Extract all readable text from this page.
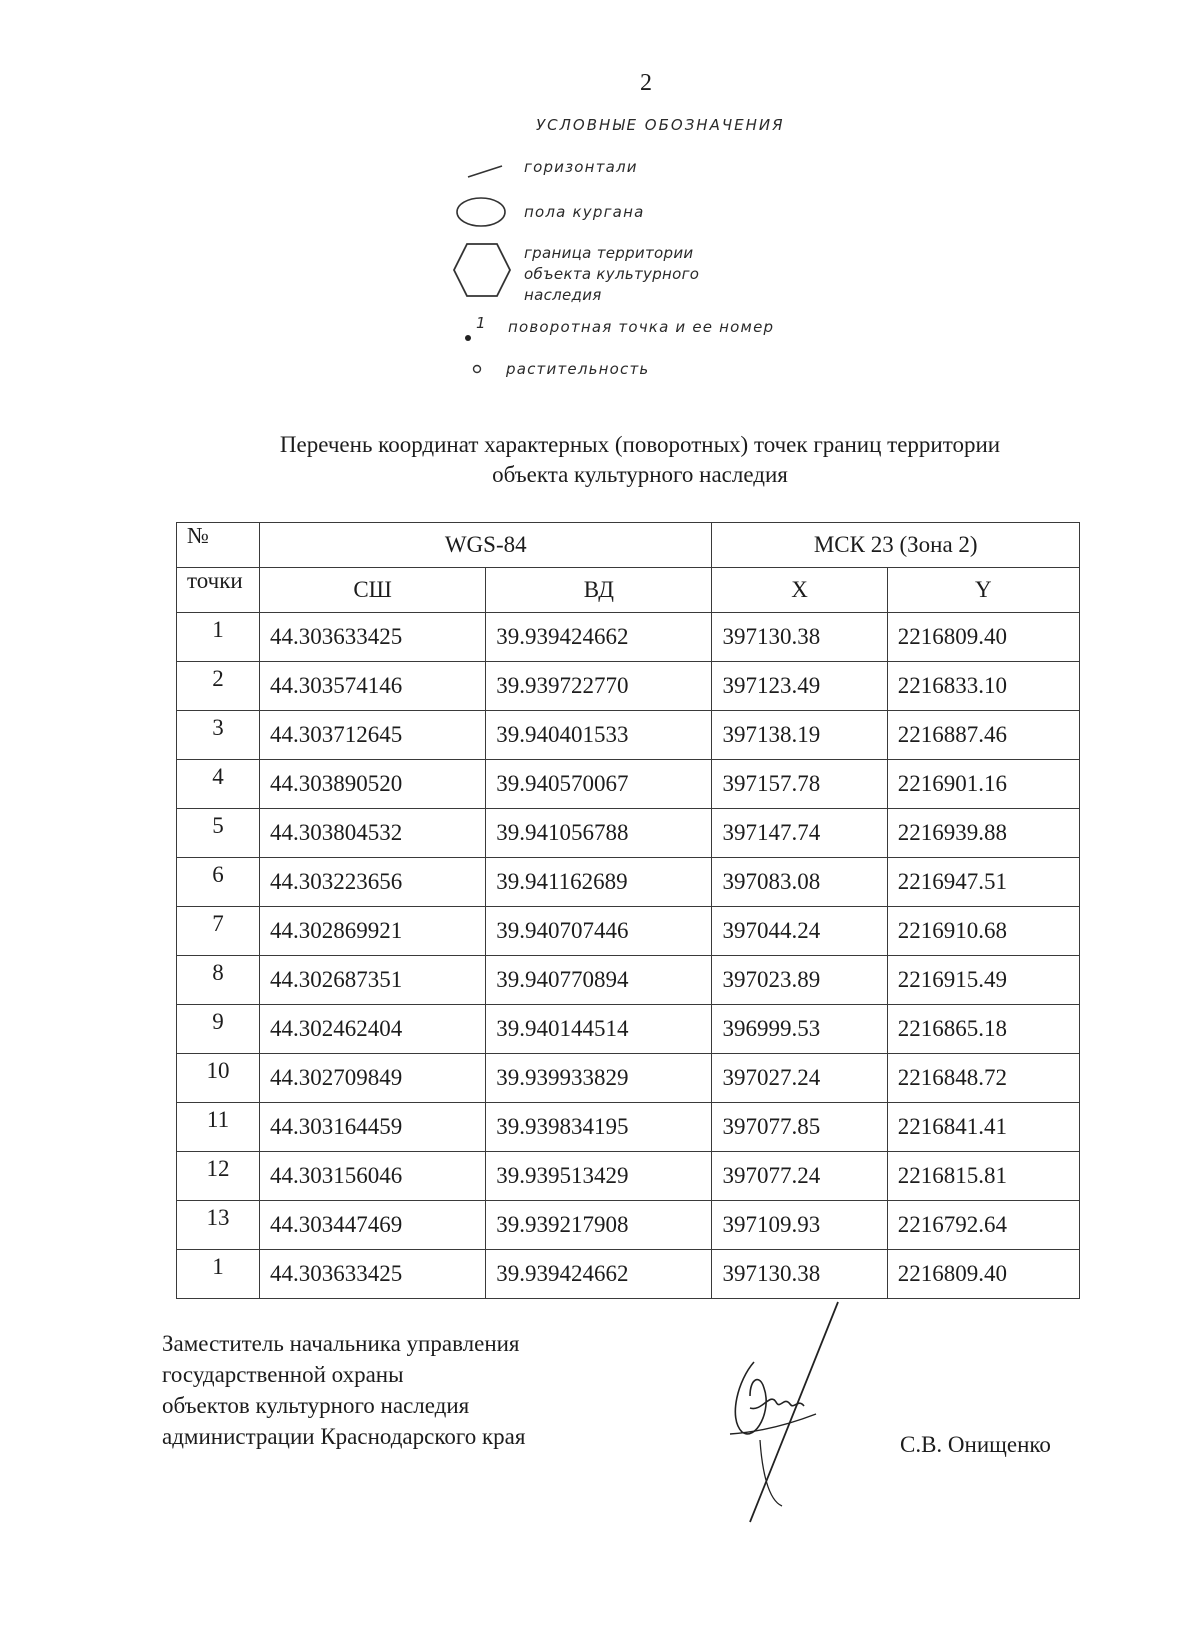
2
УСЛОВНЫЕ ОБОЗНАЧЕНИЯ
горизонтали
пола кургана
граница территории
объекта культурного
наследия
1 поворотная точка и ее номер
растительность
Перечень координат характерных (поворотных) точек границ территории
объекта культурного наследия
№	WGS-84		МСК 23 (Зона 2)	
точки	СШ	ВД	X	Y
1	44.303633425	39.939424662	397130.38	2216809.40
2	44.303574146	39.939722770	397123.49	2216833.10
3	44.303712645	39.940401533	397138.19	2216887.46
4	44.303890520	39.940570067	397157.78	2216901.16
5	44.303804532	39.941056788	397147.74	2216939.88
6	44.303223656	39.941162689	397083.08	2216947.51
7	44.302869921	39.940707446	397044.24	2216910.68
8	44.302687351	39.940770894	397023.89	2216915.49
9	44.302462404	39.940144514	396999.53	2216865.18
10	44.302709849	39.939933829	397027.24	2216848.72
11	44.303164459	39.939834195	397077.85	2216841.41
12	44.303156046	39.939513429	397077.24	2216815.81
13	44.303447469	39.939217908	397109.93	2216792.64
1	44.303633425	39.939424662	397130.38	2216809.40
Заместитель начальника управления
государственной охраны
объектов культурного наследия
администрации Краснодарского края	С.В. Онищенко
